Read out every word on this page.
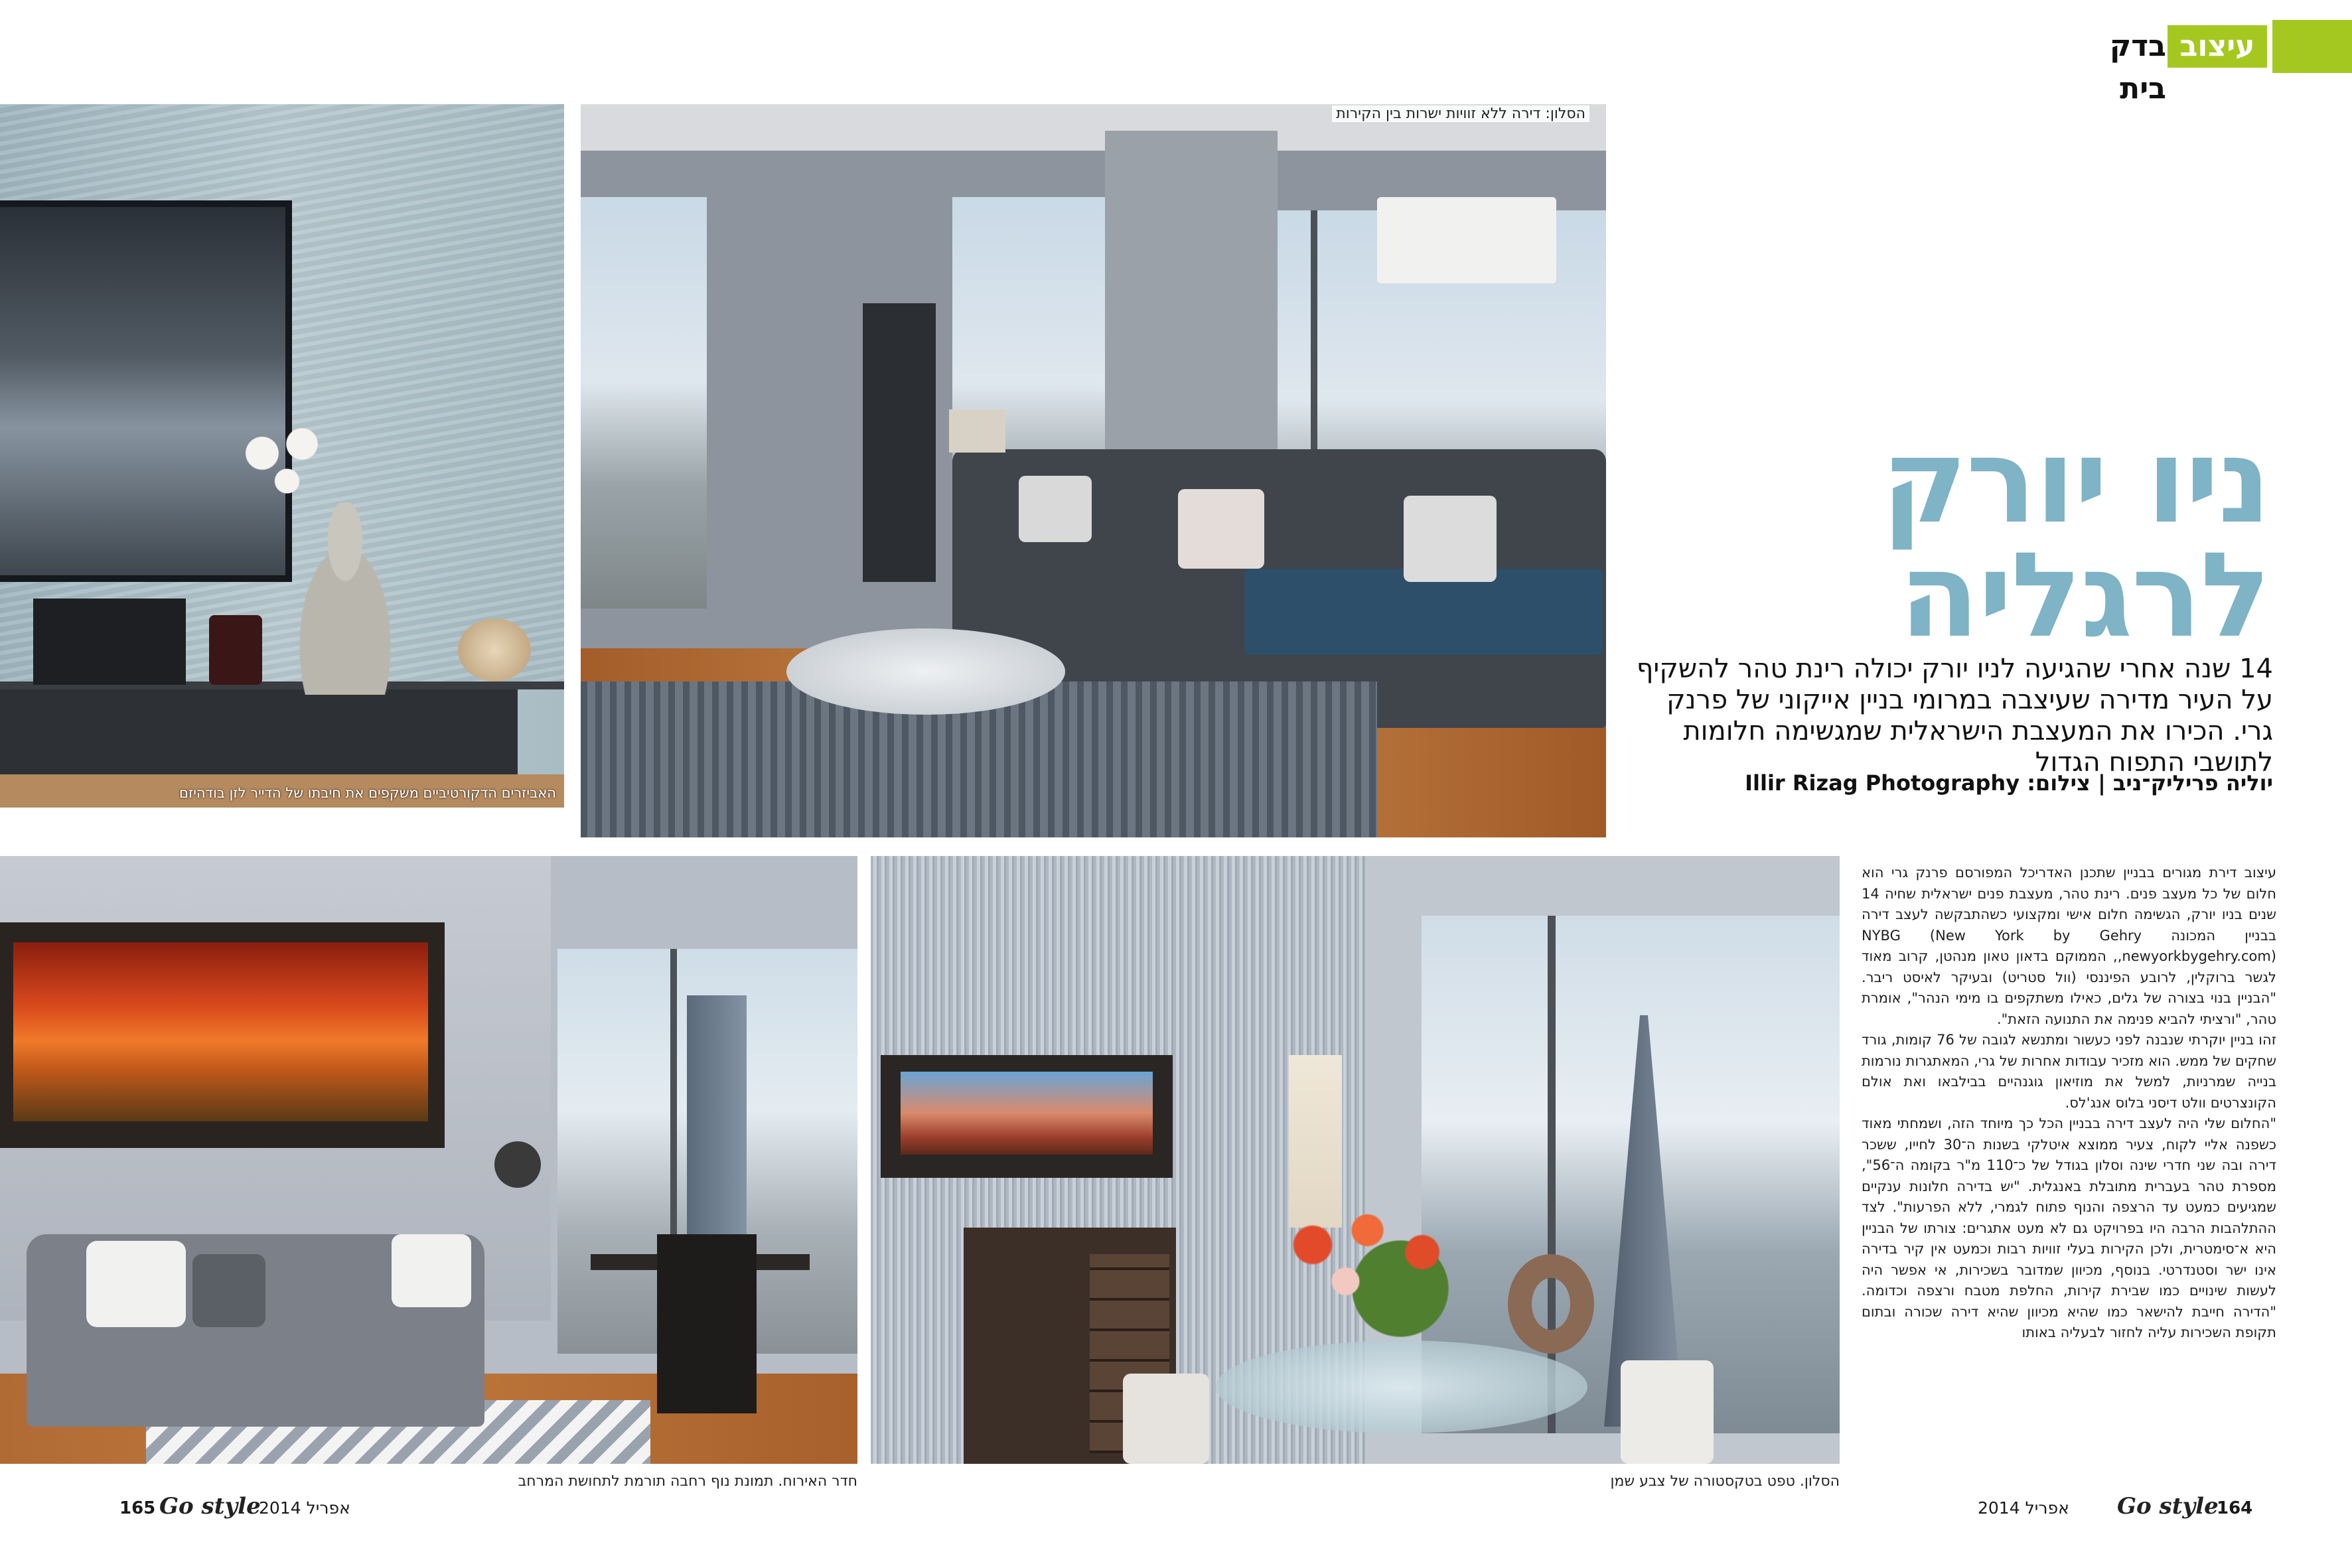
עיצוב
בדק בית
האביזרים הדקורטיביים משקפים את חיבתו של הדייר לזן בודהיזם
הסלון: דירה ללא זוויות ישרות בין הקירות
ניו יורק
לרגליה
14 שנה אחרי שהגיעה לניו יורק יכולה רינת טהר להשקיף על העיר מדירה שעיצבה במרומי בניין אייקוני של פרנק גרי. הכירו את המעצבת הישראלית שמגשימה חלומות לתושבי התפוח הגדול
יוליה פריליק־ניב | צילום: Illir Rizag Photography
חדר האירוח. תמונת נוף רחבה תורמת לתחושת המרחב	הסלון. טפט בטקסטורה של צבע שמן

עיצוב דירת מגורים בבניין שתכנן האדריכל המפורסם פרנק גרי הוא חלום של כל מעצב פנים. רינת טהר, מעצבת פנים ישראלית שחיה 14 שנים בניו יורק, הגשימה חלום אישי ומקצועי כשהתבקשה לעצב דירה בבניין המכונה NYBG (New York by Gehry ,newyorkbygehry.com), הממוקם בדאון טאון מנהטן, קרוב מאוד לגשר ברוקלין, לרובע הפיננסי (וול סטריט) ובעיקר לאיסט ריבר. "הבניין בנוי בצורה של גלים, כאילו משתקפים בו מימי הנהר", אומרת טהר, "ורציתי להביא פנימה את התנועה הזאת".

זהו בניין יוקרתי שנבנה לפני כעשור ומתנשא לגובה של 76 קומות, גורד שחקים של ממש. הוא מזכיר עבודות אחרות של גרי, המאתגרות נורמות בנייה שמרניות, למשל את מוזיאון גוגנהיים בבילבאו ואת אולם הקונצרטים וולט דיסני בלוס אנג'לס.

"החלום שלי היה לעצב דירה בבניין הכל כך מיוחד הזה, ושמחתי מאוד כשפנה אליי לקוח, צעיר ממוצא איטלקי בשנות ה־30 לחייו, ששכר דירה ובה שני חדרי שינה וסלון בגודל של כ־110 מ"ר בקומה ה־56", מספרת טהר בעברית מתובלת באנגלית. "יש בדירה חלונות ענקיים שמגיעים כמעט עד הרצפה והנוף פתוח לגמרי, ללא הפרעות". לצד ההתלהבות הרבה היו בפרויקט גם לא מעט אתגרים: צורתו של הבניין היא א־סימטרית, ולכן הקירות בעלי זוויות רבות וכמעט אין קיר בדירה אינו ישר וסטנדרטי. בנוסף, מכיוון שמדובר בשכירות, אי אפשר היה לעשות שינויים כמו שבירת קירות, החלפת מטבח ורצפה וכדומה. "הדירה חייבת להישאר כמו שהיא מכיוון שהיא דירה שכורה ובתום תקופת השכירות עליה לחזור לבעליה באותו

165 Go style
אפריל 2014	אפריל 2014 Go style
164
